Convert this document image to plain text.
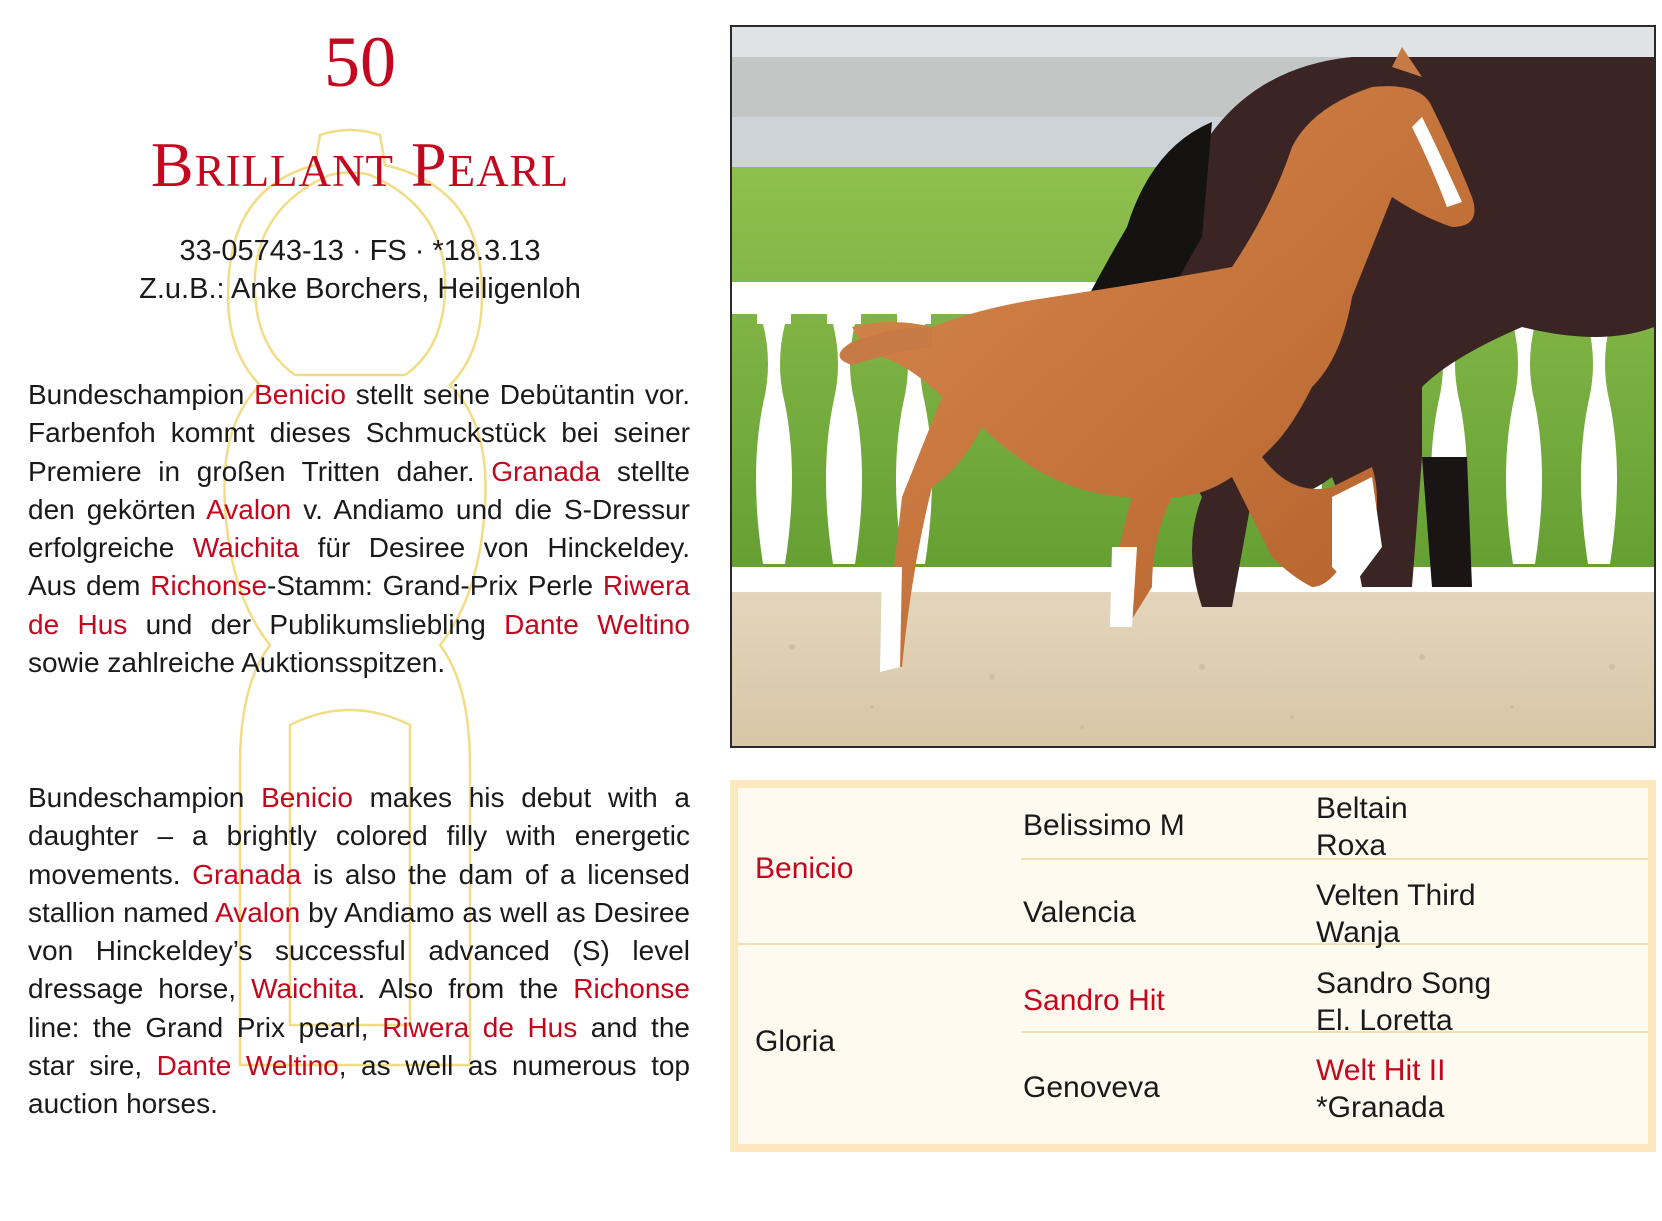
50
Brillant Pearl
33-05743-13 · FS · *18.3.13
Z.u.B.: Anke Borchers, Heiligenloh
Bundeschampion Benicio stellt seine Debütantin vor. Farbenfoh kommt dieses Schmuckstück bei seiner Premiere in großen Tritten daher. Granada stellte den gekörten Avalon v. Andiamo und die S-Dressur erfolgreiche Waichita für Desiree von Hinckeldey. Aus dem Richonse-Stamm: Grand-Prix Perle Riwera de Hus und der Publikumsliebling Dante Weltino sowie zahlreiche Auktionsspitzen.
Bundeschampion Benicio makes his debut with a daughter – a brightly colored filly with energetic movements. Granada is also the dam of a licensed stallion named Avalon by Andiamo as well as Desiree von Hinckeldey’s successful advanced (S) level dressage horse, Waichita. Also from the Richonse line: the Grand Prix pearl, Riwera de Hus and the star sire, Dante Weltino, as well as numerous top auction horses.
Benicio
Gloria
Belissimo M
Valencia
Sandro Hit
Genoveva
Beltain
Roxa
Velten Third
Wanja
Sandro Song
El. Loretta
Welt Hit II
*Granada
